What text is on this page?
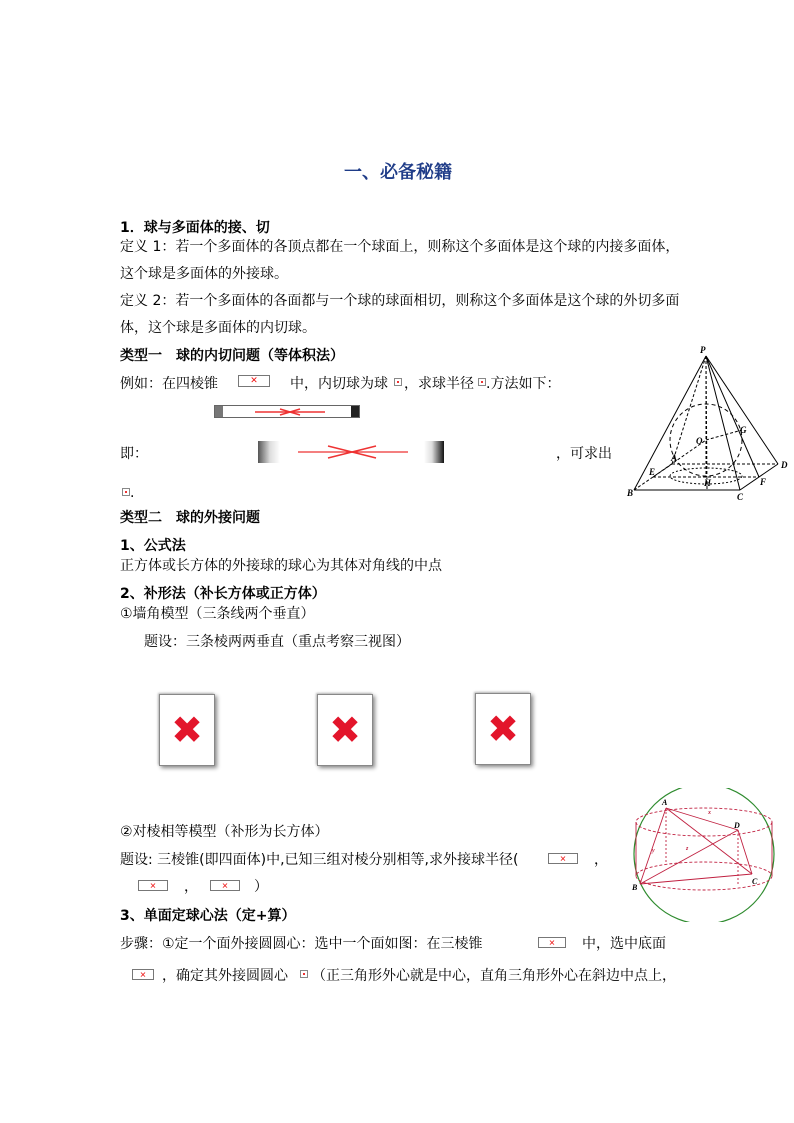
一、必备秘籍
1．球与多面体的接、切
定义 1：若一个多面体的各顶点都在一个球面上，则称这个多面体是这个球的内接多面体，
这个球是多面体的外接球。
定义 2：若一个多面体的各面都与一个球的球面相切，则称这个多面体是这个球的外切多面
体，这个球是多面体的内切球。
类型一　球的内切问题（等体积法）
例如：在四棱锥	✕ 中，内切球为球 ，求球半径 .方法如下：
即：	，可求出
.
P
G
O
A
D
E
H	F
B	C
类型二　球的外接问题
1、公式法
正方体或长方体的外接球的球心为其体对角线的中点
2、补形法（补长方体或正方体）
①墙角模型（三条线两个垂直）
题设：三条棱两两垂直（重点考察三视图）
✖	✖	✖
②对棱相等模型（补形为长方体）
题设: 三棱锥(即四面体)中,已知三组对棱分别相等,求外接球半径(	✕ ，
✕ ，	✕ ）
A
D
B
C
x
y	z
3、单面定球心法（定+算）
步骤：①定一个面外接圆圆心：选中一个面如图：在三棱锥	✕ 中，选中底面
✕ ，确定其外接圆圆心 （正三角形外心就是中心，直角三角形外心在斜边中点上，
